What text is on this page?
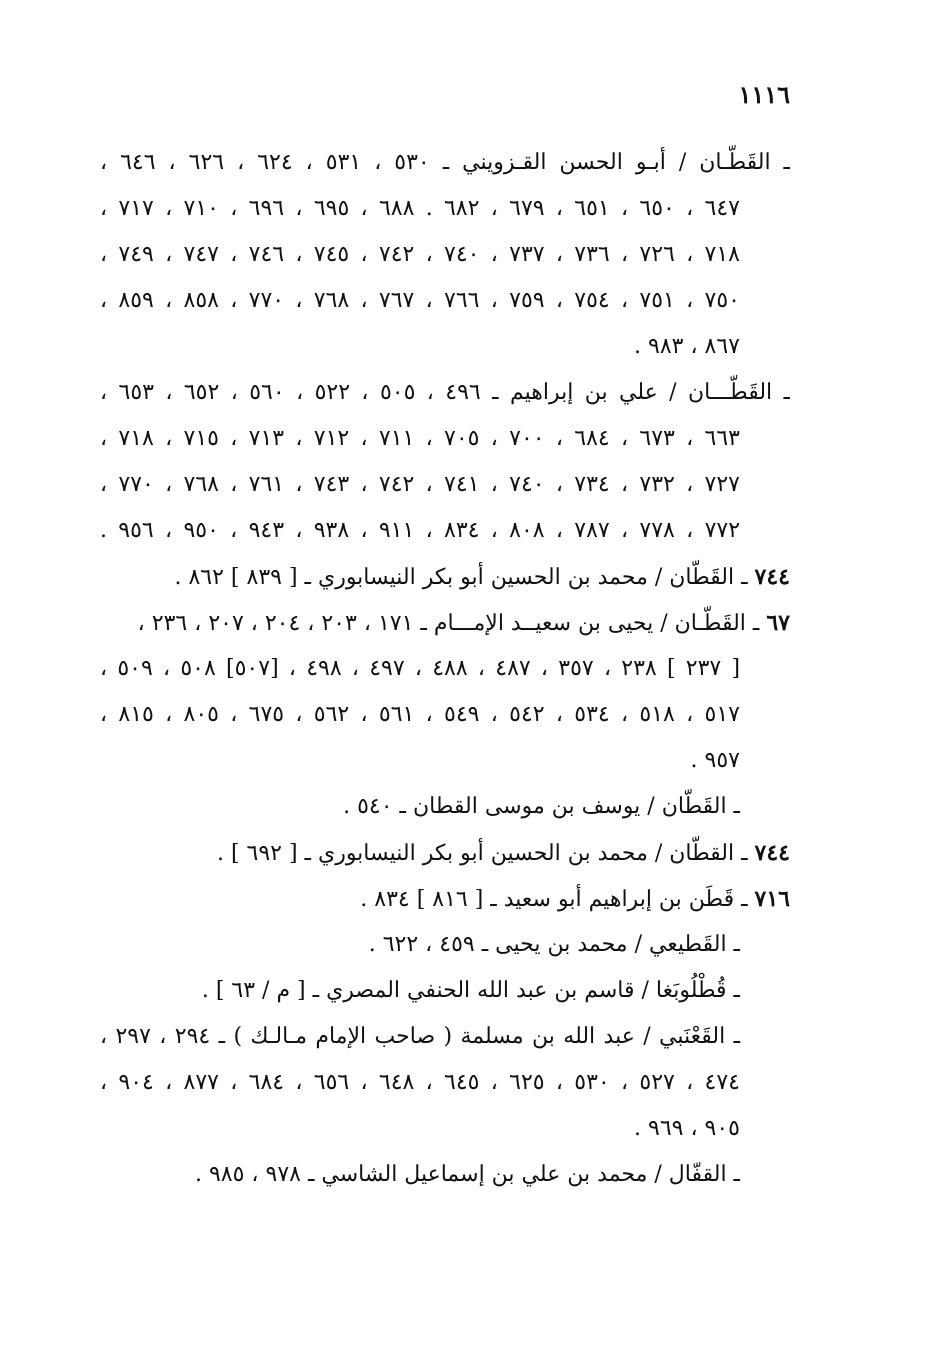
١١١٦
ـ القَطّـان / أبـو الحسن القـزويني ـ ٥٣٠ ، ٥٣١ ، ٦٢٤ ، ٦٢٦ ، ٦٤٦ ،
٦٤٧ ، ٦٥٠ ، ٦٥١ ، ٦٧٩ ، ٦٨٢ . ٦٨٨ ، ٦٩٥ ، ٦٩٦ ، ٧١٠ ، ٧١٧ ،
٧١٨ ، ٧٢٦ ، ٧٣٦ ، ٧٣٧ ، ٧٤٠ ، ٧٤٢ ، ٧٤٥ ، ٧٤٦ ، ٧٤٧ ، ٧٤٩ ،
٧٥٠ ، ٧٥١ ، ٧٥٤ ، ٧٥٩ ، ٧٦٦ ، ٧٦٧ ، ٧٦٨ ، ٧٧٠ ، ٨٥٨ ، ٨٥٩ ،
٨٦٧ ، ٩٨٣ .
ـ القَطّـــان / علي بن إبراهيم ـ ٤٩٦ ، ٥٠٥ ، ٥٢٢ ، ٥٦٠ ، ٦٥٢ ، ٦٥٣ ،
٦٦٣ ، ٦٧٣ ، ٦٨٤ ، ٧٠٠ ، ٧٠٥ ، ٧١١ ، ٧١٢ ، ٧١٣ ، ٧١٥ ، ٧١٨ ،
٧٢٧ ، ٧٣٢ ، ٧٣٤ ، ٧٤٠ ، ٧٤١ ، ٧٤٢ ، ٧٤٣ ، ٧٦١ ، ٧٦٨ ، ٧٧٠ ،
٧٧٢ ، ٧٧٨ ، ٧٨٧ ، ٨٠٨ ، ٨٣٤ ، ٩١١ ، ٩٣٨ ، ٩٤٣ ، ٩٥٠ ، ٩٥٦ .
٧٤٤ ـ القَطّان / محمد بن الحسين أبو بكر النيسابوري ـ [ ٨٣٩ ] ٨٦٢ .
٦٧ ـ القَطّـان / يحيى بن سعيــد الإمـــام ـ ١٧١ ، ٢٠٣ ، ٢٠٤ ، ٢٠٧ ، ٢٣٦ ،
[ ٢٣٧ ] ٢٣٨ ، ٣٥٧ ، ٤٨٧ ، ٤٨٨ ، ٤٩٧ ، ٤٩٨ ، [٥٠٧] ٥٠٨ ، ٥٠٩ ،
٥١٧ ، ٥١٨ ، ٥٣٤ ، ٥٤٢ ، ٥٤٩ ، ٥٦١ ، ٥٦٢ ، ٦٧٥ ، ٨٠٥ ، ٨١٥ ،
٩٥٧ .
ـ القَطّان / يوسف بن موسى القطان ـ ٥٤٠ .
٧٤٤ ـ القطّان / محمد بن الحسين أبو بكر النيسابوري ـ [ ٦٩٢ ] .
٧١٦ ـ قَطَن بن إبراهيم أبو سعيد ـ [ ٨١٦ ] ٨٣٤ .
ـ القَطيعي / محمد بن يحيى ـ ٤٥٩ ، ٦٢٢ .
ـ قُطْلُوبَغا / قاسم بن عبد الله الحنفي المصري ـ [ م / ٦٣ ] .
ـ القَعْنَبي / عبد الله بن مسلمة ( صاحب الإمام مـالـك ) ـ ٢٩٤ ، ٢٩٧ ،
٤٧٤ ، ٥٢٧ ، ٥٣٠ ، ٦٢٥ ، ٦٤٥ ، ٦٤٨ ، ٦٥٦ ، ٦٨٤ ، ٨٧٧ ، ٩٠٤ ،
٩٠٥ ، ٩٦٩ .
ـ القفّال / محمد بن علي بن إسماعيل الشاسي ـ ٩٧٨ ، ٩٨٥ .
